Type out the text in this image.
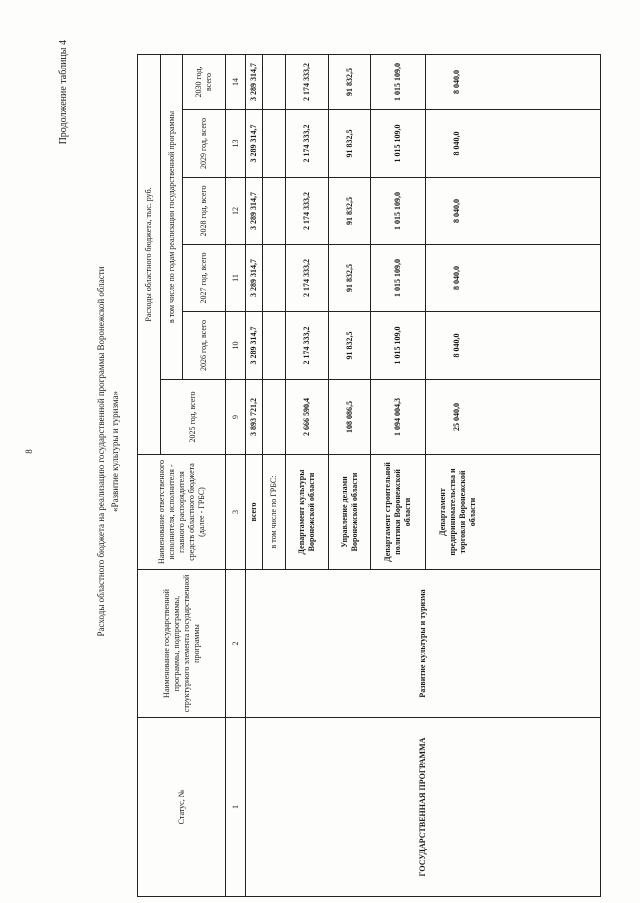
8
Продолжение таблицы 4
Расходы областного бюджета на реализацию государственной программы Воронежской области «Развитие культуры и туризма»
Статус, №	Наименование государственной программы, подпрограммы, структурного элемента государственной программы	Наименование ответственного исполнителя, исполнителя - главного распорядителя средств областного бюджета (далее - ГРБС)	Расходы областного бюджета, тыс. руб.					
			2025 год, всего	в том числе по годам реализации государственной программы				
				2026 год, всего	2027 год, всего	2028 год, всего	2029 год, всего	2030 год, всего
1	2	3	9	10	11	12	13	14
ГОСУДАРСТВЕННАЯ ПРОГРАММА	Развитие культуры и туризма	всего	3 893 721,2	3 289 314,7	3 289 314,7	3 289 314,7	3 289 314,7	3 289 314,7
		в том числе по ГРБС:						
		Департамент культуры Воронежской области	2 666 590,4	2 174 333,2	2 174 333,2	2 174 333,2	2 174 333,2	2 174 333,2
		Управление делами Воронежской области	108 086,5	91 832,5	91 832,5	91 832,5	91 832,5	91 832,5
		Департамент строительной политики Воронежской области	1 094 004,3	1 015 109,0	1 015 109,0	1 015 109,0	1 015 109,0	1 015 109,0
		Департамент предпринимательства и торговли Воронежской области	25 040,0	8 040,0	8 040,0	8 040,0	8 040,0	8 040,0
